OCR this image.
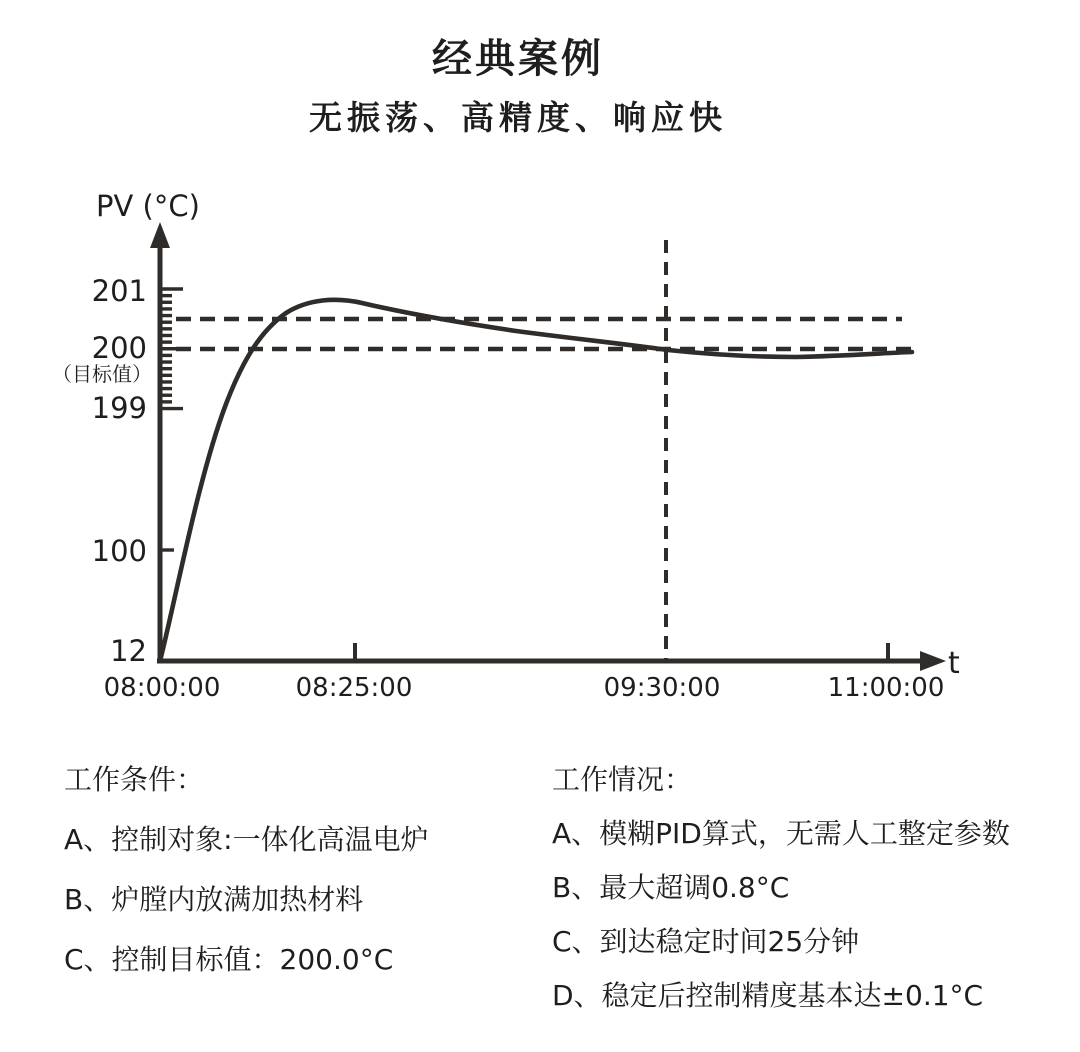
经典案例
无振荡、高精度、响应快
PV (°C)
t
201
200
（目标值）
199
100
12
08:00:00	08:25:00	09:30:00	11:00:00
工作条件：
A、控制对象:一体化高温电炉
B、炉膛内放满加热材料
C、控制目标值：200.0°C
工作情况：
A、模糊PID算式，无需人工整定参数
B、最大超调0.8°C
C、到达稳定时间25分钟
D、稳定后控制精度基本达±0.1°C
